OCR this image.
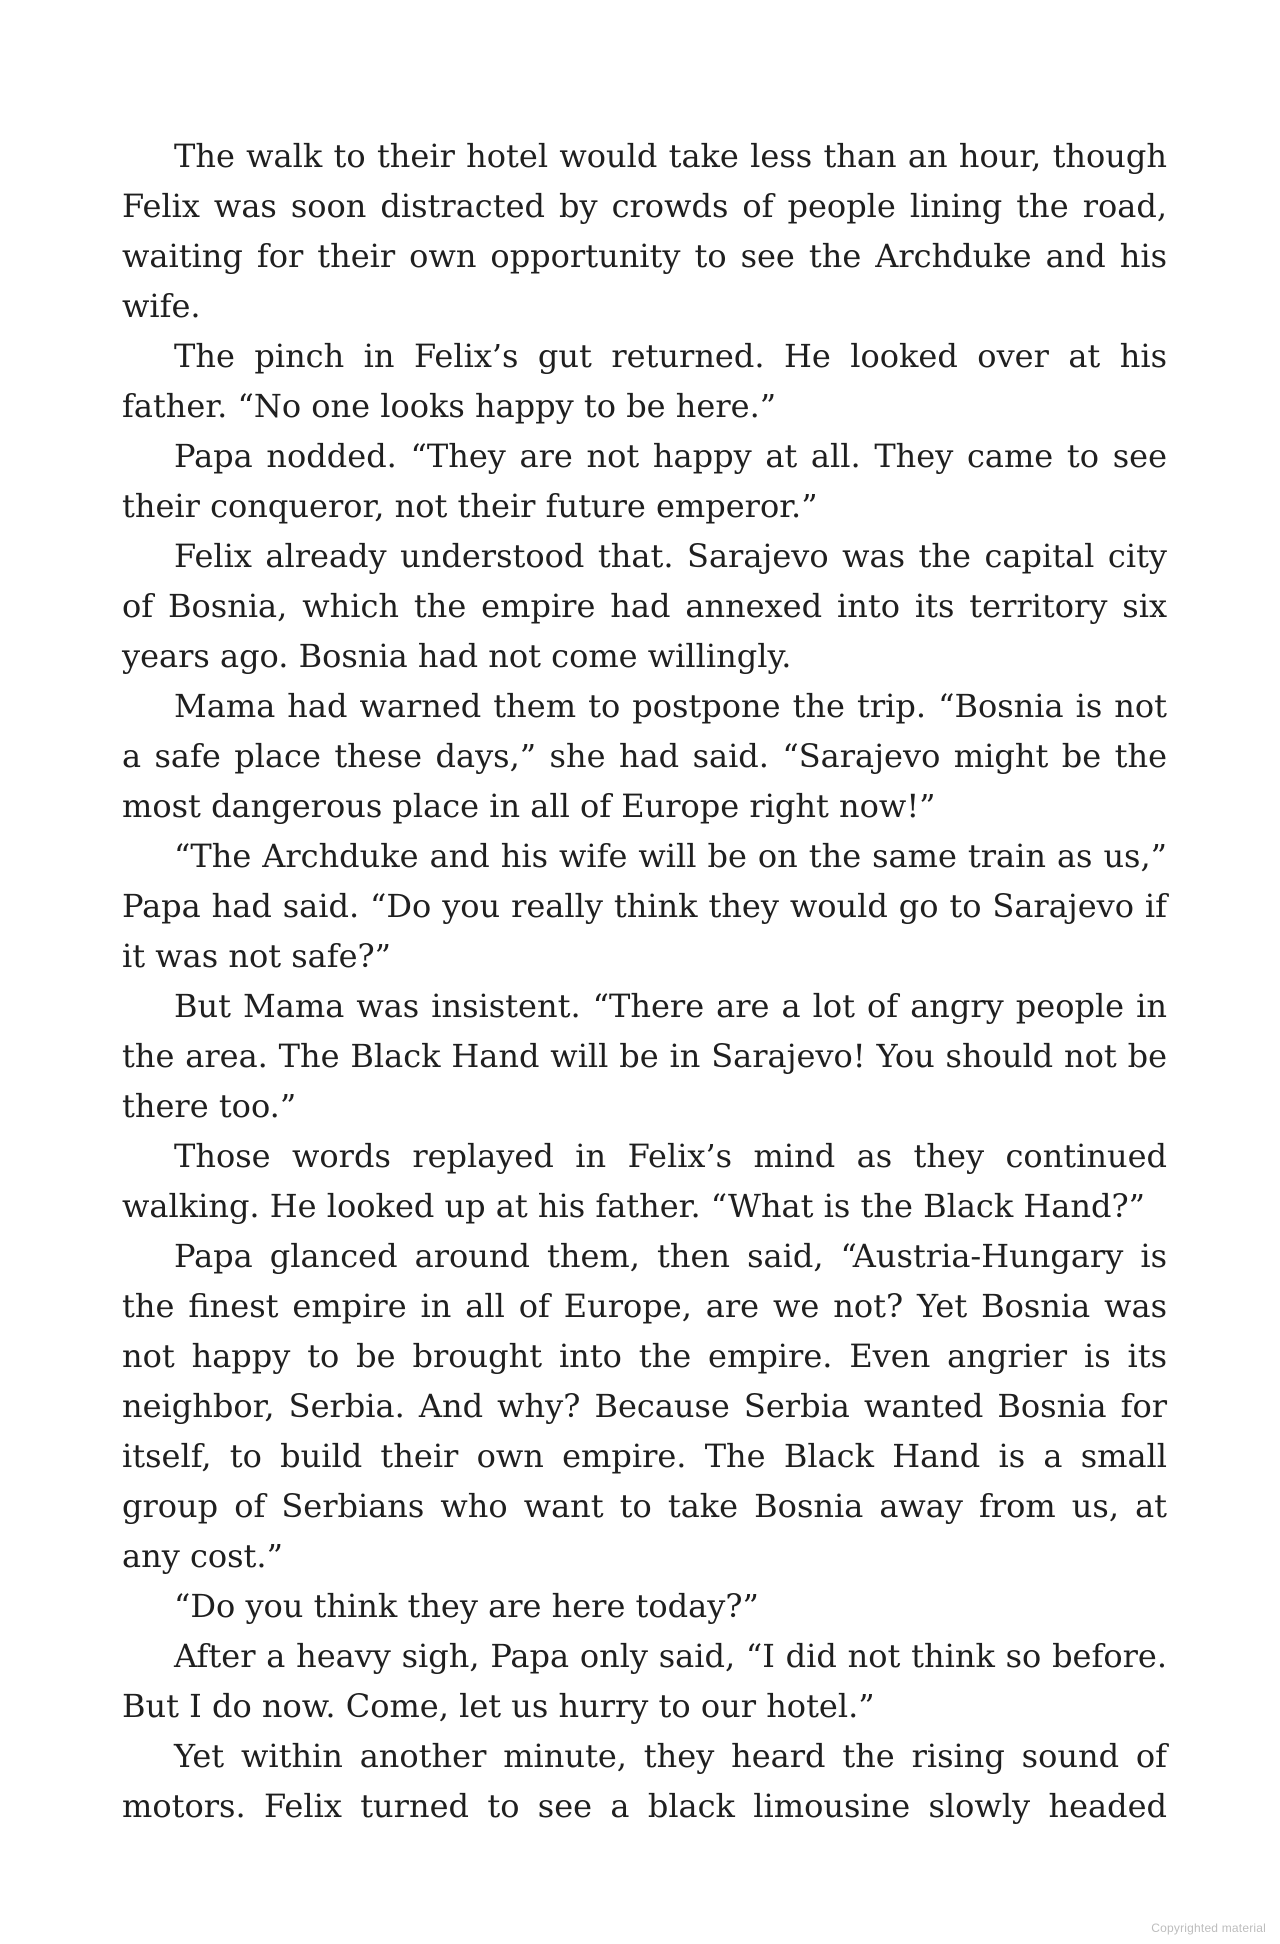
The walk to their hotel would take less than an hour, though Felix was soon distracted by crowds of people lining the road, waiting for their own opportunity to see the Archduke and his wife.

The pinch in Felix’s gut returned. He looked over at his father. “No one looks happy to be here.”

Papa nodded. “They are not happy at all. They came to see their conqueror, not their future emperor.”

Felix already understood that. Sarajevo was the capital city of Bosnia, which the empire had annexed into its territory six years ago. Bosnia had not come willingly.

Mama had warned them to postpone the trip. “Bosnia is not a safe place these days,” she had said. “Sarajevo might be the most dangerous place in all of Europe right now!”

“The Archduke and his wife will be on the same train as us,” Papa had said. “Do you really think they would go to Sarajevo if it was not safe?”

But Mama was insistent. “There are a lot of angry people in the area. The Black Hand will be in Sarajevo! You should not be there too.”

Those words replayed in Felix’s mind as they continued walking. He looked up at his father. “What is the Black Hand?”

Papa glanced around them, then said, “Austria-Hungary is the finest empire in all of Europe, are we not? Yet Bosnia was not happy to be brought into the empire. Even angrier is its neighbor, Serbia. And why? Because Serbia wanted Bosnia for itself, to build their own empire. The Black Hand is a small group of Serbians who want to take Bosnia away from us, at any cost.”

“Do you think they are here today?”

After a heavy sigh, Papa only said, “I did not think so before. But I do now. Come, let us hurry to our hotel.”

Yet within another minute, they heard the rising sound of motors. Felix turned to see a black limousine slowly headed

Copyrighted material
